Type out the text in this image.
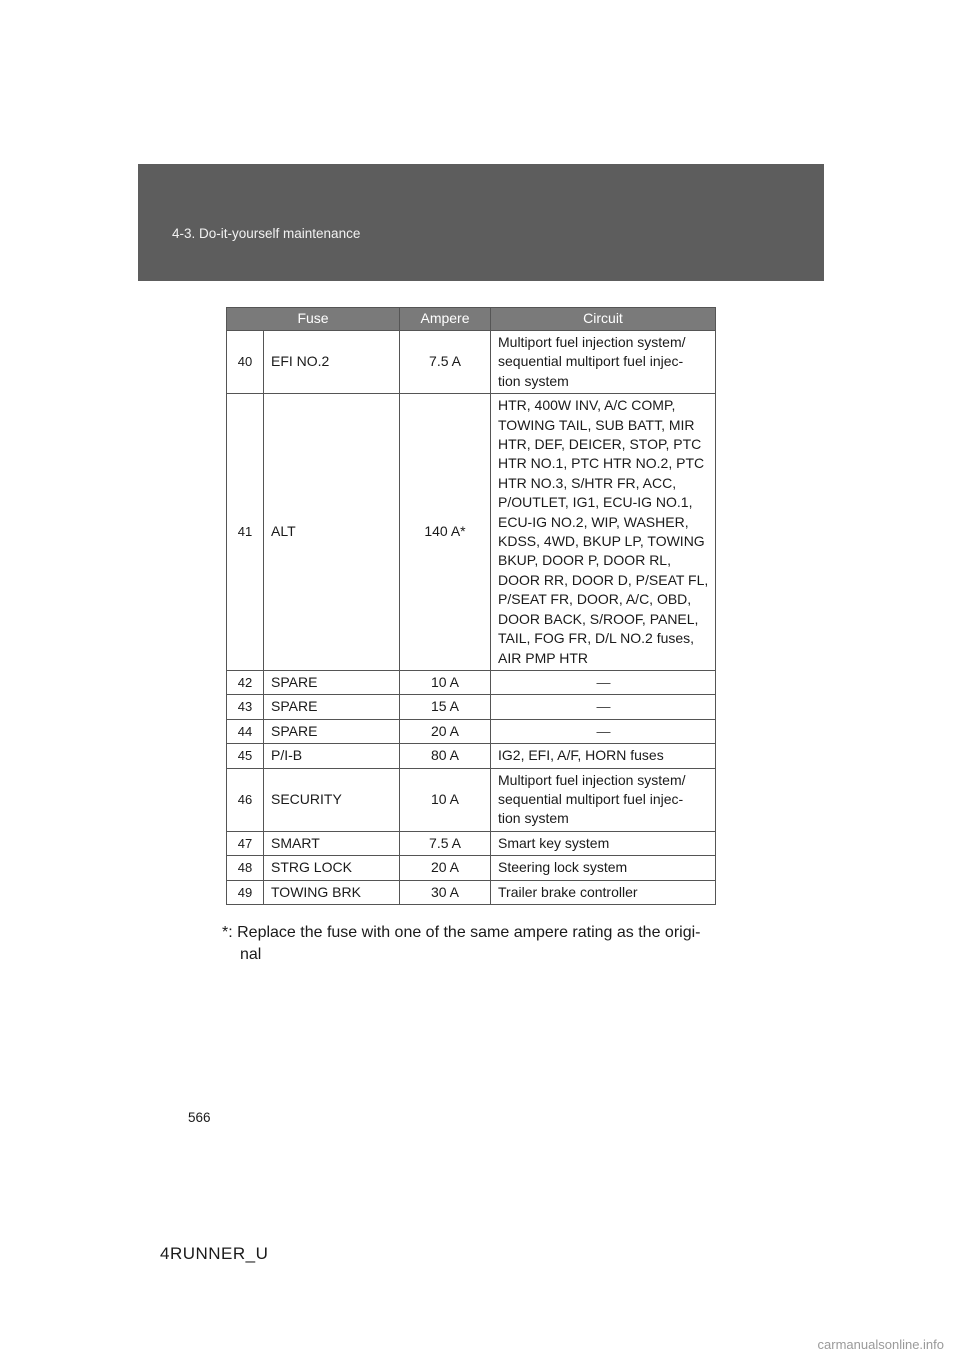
4-3. Do-it-yourself maintenance
Fuse		Ampere	Circuit
40	EFI NO.2	7.5 A	Multiport fuel injection system/ sequential multiport fuel injec- tion system
41	ALT	140 A*	HTR, 400W INV, A/C COMP, TOWING TAIL, SUB BATT, MIR HTR, DEF, DEICER, STOP, PTC HTR NO.1, PTC HTR NO.2, PTC HTR NO.3, S/HTR FR, ACC, P/OUTLET, IG1, ECU-IG NO.1, ECU-IG NO.2, WIP, WASHER, KDSS, 4WD, BKUP LP, TOWING BKUP, DOOR P, DOOR RL, DOOR RR, DOOR D, P/SEAT FL, P/SEAT FR, DOOR, A/C, OBD, DOOR BACK, S/ROOF, PANEL, TAIL, FOG FR, D/L NO.2 fuses, AIR PMP HTR
42	SPARE	10 A	—
43	SPARE	15 A	—
44	SPARE	20 A	—
45	P/I-B	80 A	IG2, EFI, A/F, HORN fuses
46	SECURITY	10 A	Multiport fuel injection system/ sequential multiport fuel injec- tion system
47	SMART	7.5 A	Smart key system
48	STRG LOCK	20 A	Steering lock system
49	TOWING BRK	30 A	Trailer brake controller
*: Replace the fuse with one of the same ampere rating as the origi-
nal
566
4RUNNER_U
carmanualsonline.info
